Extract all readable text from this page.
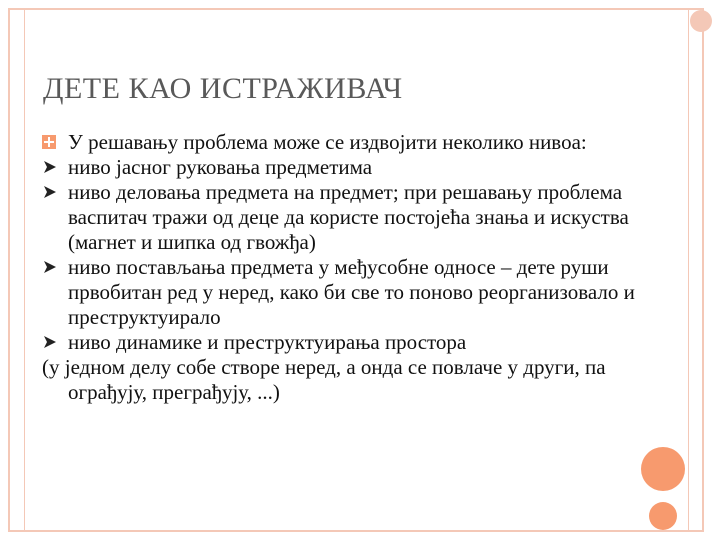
ДЕТЕ КАО ИСТРАЖИВАЧ
У решавању проблема може се издвојити неколико нивоа:
ниво јасног руковања предметима
ниво деловања предмета на предмет; при решавању проблема васпитач тражи од деце да користе постојећа знања и искуства (магнет и шипка од гвожђа)
ниво постављања предмета у међусобне односе – дете руши првобитан ред у неред, како би све то поново реорганизовало и преструктуирало
ниво динамике и преструктуирања простора
(у једном делу собе створе неред, а онда се повлаче у други, па ограђују, преграђују, ...)
